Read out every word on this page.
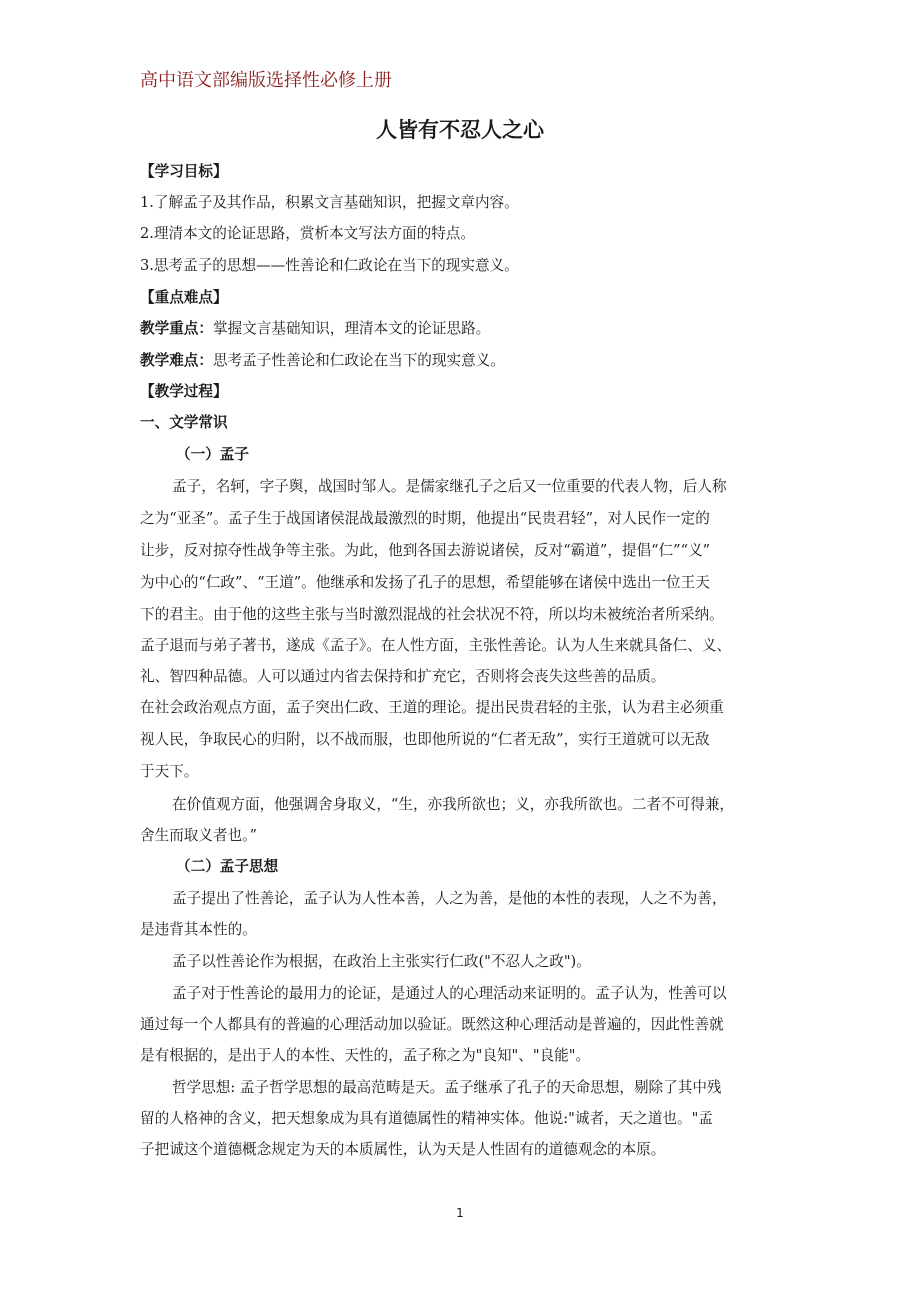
高中语文部编版选择性必修上册
人皆有不忍人之心
【学习目标】
1.了解孟子及其作品，积累文言基础知识，把握文章内容。
2.理清本文的论证思路，赏析本文写法方面的特点。
3.思考孟子的思想——性善论和仁政论在当下的现实意义。
【重点难点】
教学重点：掌握文言基础知识，理清本文的论证思路。
教学难点：思考孟子性善论和仁政论在当下的现实意义。
【教学过程】
一、文学常识
（一）孟子
孟子，名轲，字子舆，战国时邹人。是儒家继孔子之后又一位重要的代表人物，后人称
之为“亚圣”。孟子生于战国诸侯混战最激烈的时期，他提出“民贵君轻”，对人民作一定的
让步，反对掠夺性战争等主张。为此，他到各国去游说诸侯，反对“霸道”，提倡“仁”“义”
为中心的“仁政”、“王道”。他继承和发扬了孔子的思想，希望能够在诸侯中选出一位王天
下的君主。由于他的这些主张与当时激烈混战的社会状况不符，所以均未被统治者所采纳。
孟子退而与弟子著书，遂成《孟子》。在人性方面，主张性善论。认为人生来就具备仁、义、
礼、智四种品德。人可以通过内省去保持和扩充它，否则将会丧失这些善的品质。
在社会政治观点方面，孟子突出仁政、王道的理论。提出民贵君轻的主张，认为君主必须重
视人民，争取民心的归附，以不战而服，也即他所说的“仁者无敌”，实行王道就可以无敌
于天下。
在价值观方面，他强调舍身取义，“生，亦我所欲也；义，亦我所欲也。二者不可得兼，
舍生而取义者也。”
（二）孟子思想
孟子提出了性善论，孟子认为人性本善，人之为善，是他的本性的表现，人之不为善，
是违背其本性的。
孟子以性善论作为根据，在政治上主张实行仁政("不忍人之政")。
孟子对于性善论的最用力的论证，是通过人的心理活动来证明的。孟子认为，性善可以
通过每一个人都具有的普遍的心理活动加以验证。既然这种心理活动是普遍的，因此性善就
是有根据的，是出于人的本性、天性的，孟子称之为"良知"、"良能"。
哲学思想: 孟子哲学思想的最高范畴是天。孟子继承了孔子的天命思想，剔除了其中残
留的人格神的含义，把天想象成为具有道德属性的精神实体。他说:"诚者，天之道也。"孟
子把诚这个道德概念规定为天的本质属性，认为天是人性固有的道德观念的本原。
1
